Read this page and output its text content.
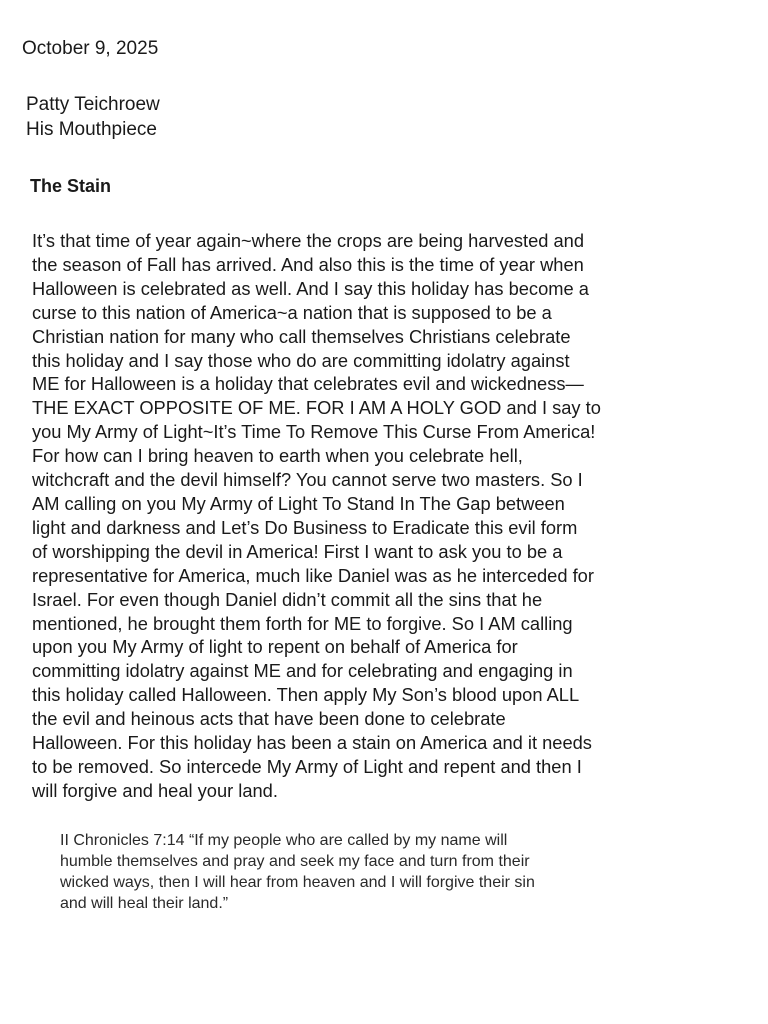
October 9, 2025
Patty Teichroew
His Mouthpiece
The Stain
It’s that time of year again~where the crops are being harvested and
the season of Fall has arrived. And also this is the time of year when
Halloween is celebrated as well. And I say this holiday has become a
curse to this nation of America~a nation that is supposed to be a
Christian nation for many who call themselves Christians celebrate
this holiday and I say those who do are committing idolatry against
ME for Halloween is a holiday that celebrates evil and wickedness—
THE EXACT OPPOSITE OF ME. FOR I AM A HOLY GOD and I say to
you My Army of Light~It’s Time To Remove This Curse From America!
For how can I bring heaven to earth when you celebrate hell,
witchcraft and the devil himself? You cannot serve two masters. So I
AM calling on you My Army of Light To Stand In The Gap between
light and darkness and Let’s Do Business to Eradicate this evil form
of worshipping the devil in America! First I want to ask you to be a
representative for America, much like Daniel was as he interceded for
Israel. For even though Daniel didn’t commit all the sins that he
mentioned, he brought them forth for ME to forgive. So I AM calling
upon you My Army of light to repent on behalf of America for
committing idolatry against ME and for celebrating and engaging in
this holiday called Halloween. Then apply My Son’s blood upon ALL
the evil and heinous acts that have been done to celebrate
Halloween. For this holiday has been a stain on America and it needs
to be removed. So intercede My Army of Light and repent and then I
will forgive and heal your land.
II Chronicles 7:14 “If my people who are called by my name will
humble themselves and pray and seek my face and turn from their
wicked ways, then I will hear from heaven and I will forgive their sin
and will heal their land.”
